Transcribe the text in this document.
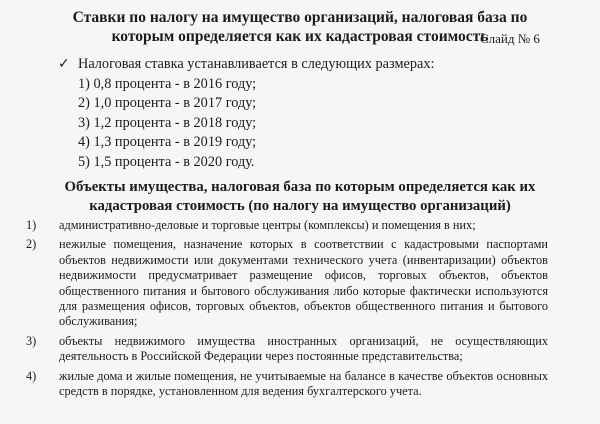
Ставки по налогу на имущество организаций, налоговая база по которым определяется как их кадастровая стоимость
Слайд № 6
✓ Налоговая ставка устанавливается в следующих размерах:
1) 0,8 процента - в 2016 году;
2) 1,0 процента - в 2017 году;
3) 1,2 процента - в 2018 году;
4) 1,3 процента - в 2019 году;
5) 1,5 процента - в 2020 году.
Объекты имущества, налоговая база по которым определяется как их кадастровая стоимость (по налогу на имущество организаций)
1) административно-деловые и торговые центры (комплексы) и помещения в них;
2) нежилые помещения, назначение которых в соответствии с кадастровыми паспортами объектов недвижимости или документами технического учета (инвентаризации) объектов недвижимости предусматривает размещение офисов, торговых объектов, объектов общественного питания и бытового обслуживания либо которые фактически используются для размещения офисов, торговых объектов, объектов общественного питания и бытового обслуживания;
3) объекты недвижимого имущества иностранных организаций, не осуществляющих деятельность в Российской Федерации через постоянные представительства;
4) жилые дома и жилые помещения, не учитываемые на балансе в качестве объектов основных средств в порядке, установленном для ведения бухгалтерского учета.
